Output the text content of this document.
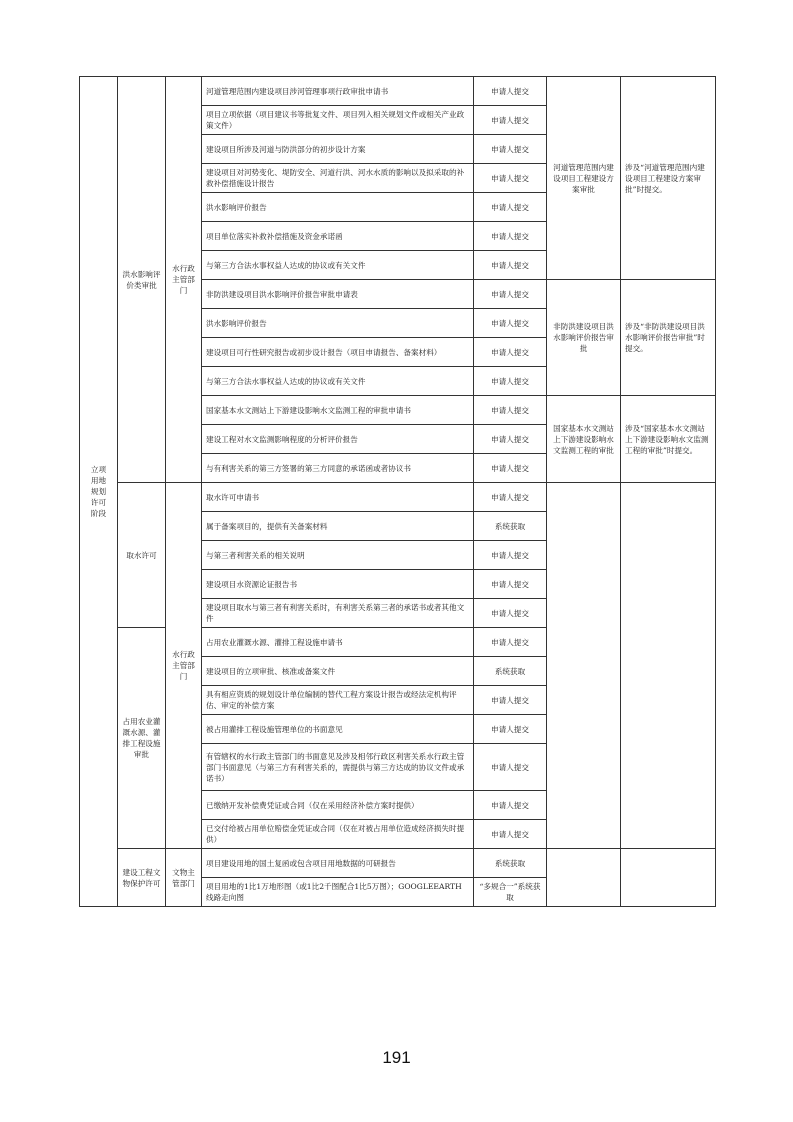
立项用地规划许可阶段	洪水影响评价类审批	水行政主管部门	河道管理范围内建设项目涉河管理事项行政审批申请书	申请人提交	河道管理范围内建设项目工程建设方案审批	涉及“河道管理范围内建设项目工程建设方案审批”时提交。
			项目立项依据（项目建议书等批复文件、项目列入相关规划文件或相关产业政策文件）	申请人提交		
			建设项目所涉及河道与防洪部分的初步设计方案	申请人提交		
			建设项目对河势变化、堤防安全、河道行洪、河水水质的影响以及拟采取的补救补偿措施设计报告	申请人提交		
			洪水影响评价报告	申请人提交		
			项目单位落实补救补偿措施及资金承诺函	申请人提交		
			与第三方合法水事权益人达成的协议或有关文件	申请人提交		
			非防洪建设项目洪水影响评价报告审批申请表	申请人提交	非防洪建设项目洪水影响评价报告审批	涉及“非防洪建设项目洪水影响评价报告审批”时提交。
			洪水影响评价报告	申请人提交		
			建设项目可行性研究报告或初步设计报告（项目申请报告、备案材料）	申请人提交		
			与第三方合法水事权益人达成的协议或有关文件	申请人提交		
			国家基本水文测站上下游建设影响水文监测工程的审批申请书	申请人提交	国家基本水文测站上下游建设影响水文监测工程的审批	涉及“国家基本水文测站上下游建设影响水文监测工程的审批”时提交。
			建设工程对水文监测影响程度的分析评价报告	申请人提交		
			与有利害关系的第三方签署的第三方同意的承诺函或者协议书	申请人提交		
	取水许可	水行政主管部门	取水许可申请书	申请人提交		
			属于备案项目的，提供有关备案材料	系统获取		
			与第三者利害关系的相关说明	申请人提交		
			建设项目水资源论证报告书	申请人提交		
			建设项目取水与第三者有利害关系时，有利害关系第三者的承诺书或者其他文件	申请人提交		
	占用农业灌溉水源、灌排工程设施审批		占用农业灌溉水源、灌排工程设施申请书	申请人提交		
			建设项目的立项审批、核准或备案文件	系统获取		
			具有相应资质的规划设计单位编制的替代工程方案设计报告或经法定机构评估、审定的补偿方案	申请人提交		
			被占用灌排工程设施管理单位的书面意见	申请人提交		
			有管辖权的水行政主管部门的书面意见及涉及相邻行政区利害关系水行政主管部门书面意见（与第三方有利害关系的，需提供与第三方达成的协议文件或承诺书）	申请人提交		
			已缴纳开发补偿费凭证或合同（仅在采用经济补偿方案时提供）	申请人提交		
			已交付给被占用单位赔偿金凭证或合同（仅在对被占用单位造成经济损失时提供）	申请人提交		
	建设工程文物保护许可	文物主管部门	项目建设用地的国土复函或包含项目用地数据的可研报告	系统获取		
			项目用地的1比1万地形图（或1比2千图配合1比5万图）；GOOGLEEARTH线路走向图	“多规合一”系统获取		
191
